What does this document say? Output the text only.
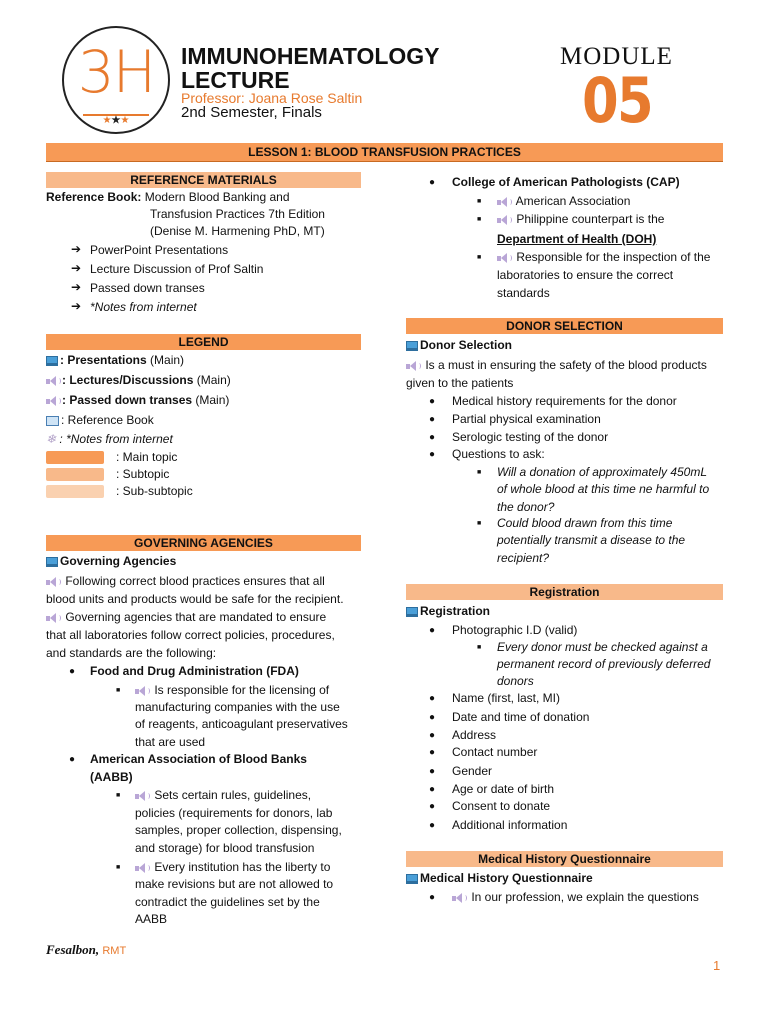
3H
★★★
IMMUNOHEMATOLOGY
LECTURE
Professor: Joana Rose Saltin
2nd Semester, Finals
MODULE
05
LESSON 1: BLOOD TRANSFUSION PRACTICES
REFERENCE MATERIALS
Reference Book: Modern Blood Banking and
Transfusion Practices 7th Edition
(Denise M. Harmening PhD, MT)
➔ PowerPoint Presentations
➔ Lecture Discussion of Prof Saltin
➔ Passed down transes
➔ *Notes from internet
LEGEND
: Presentations (Main)
: Lectures/Discussions (Main)
: Passed down transes (Main)
: Reference Book
❄ : *Notes from internet
: Main topic
: Subtopic
: Sub-subtopic
GOVERNING AGENCIES
Governing Agencies
Following correct blood practices ensures that all
blood units and products would be safe for the recipient.
Governing agencies that are mandated to ensure
that all laboratories follow correct policies, procedures,
and standards are the following:
● Food and Drug Administration (FDA)
■	Is responsible for the licensing of
manufacturing companies with the use
of reagents, anticoagulant preservatives
that are used
● American Association of Blood Banks
(AABB)
■	Sets certain rules, guidelines,
policies (requirements for donors, lab
samples, proper collection, dispensing,
and storage) for blood transfusion
■	Every institution has the liberty to
make revisions but are not allowed to
contradict the guidelines set by the
AABB
● College of American Pathologists (CAP)
■	American Association
■	Philippine counterpart is the
Department of Health (DOH)
■	Responsible for the inspection of the
laboratories to ensure the correct
standards
DONOR SELECTION
Donor Selection
Is a must in ensuring the safety of the blood products
given to the patients
● Medical history requirements for the donor
● Partial physical examination
● Serologic testing of the donor
● Questions to ask:
■ Will a donation of approximately 450mL
of whole blood at this time ne harmful to
the donor?
■ Could blood drawn from this time
potentially transmit a disease to the
recipient?
Registration
Registration
● Photographic I.D (valid)
■ Every donor must be checked against a
permanent record of previously deferred
donors
● Name (first, last, MI)
● Date and time of donation
● Address
● Contact number
● Gender
● Age or date of birth
● Consent to donate
● Additional information
Medical History Questionnaire
Medical History Questionnaire
●	In our profession, we explain the questions
Fesalbon, RMT
1
